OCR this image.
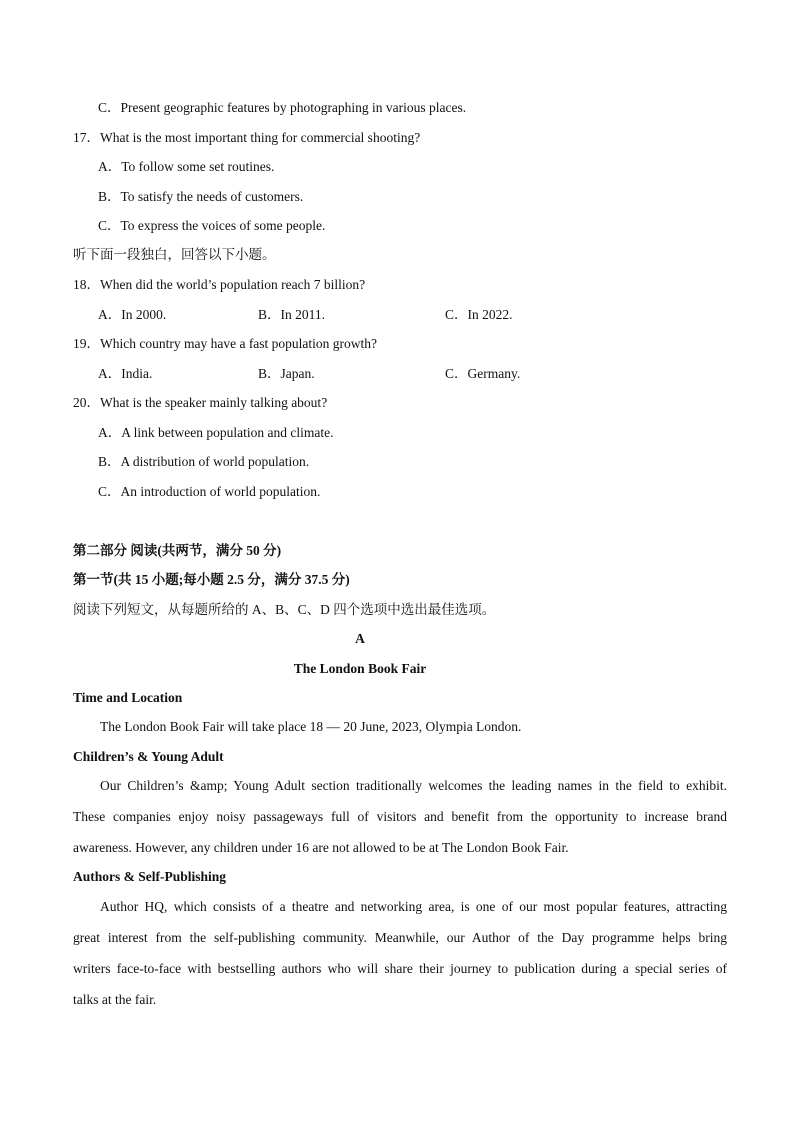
C．Present geographic features by photographing in various places.
17．What is the most important thing for commercial shooting?
A．To follow some set routines.
B．To satisfy the needs of customers.
C．To express the voices of some people.
听下面一段独白，回答以下小题。
18．When did the world’s population reach 7 billion?
A．In 2000.	B．In 2011.	C．In 2022.
19．Which country may have a fast population growth?
A．India.	B．Japan.	C．Germany.
20．What is the speaker mainly talking about?
A．A link between population and climate.
B．A distribution of world population.
C．An introduction of world population.
第二部分 阅读(共两节，满分 50 分)
第一节(共 15 小题;每小题 2.5 分，满分 37.5 分)
阅读下列短文，从每题所给的 A、B、C、D 四个选项中选出最佳选项。
A
The London Book Fair
Time and Location
The London Book Fair will take place 18 — 20 June, 2023, Olympia London.
Children’s & Young Adult
Our Children’s &amp; Young Adult section traditionally welcomes the leading names in the field to exhibit.
These companies enjoy noisy passageways full of visitors and benefit from the opportunity to increase brand
awareness. However, any children under 16 are not allowed to be at The London Book Fair.
Authors & Self-Publishing
Author HQ, which consists of a theatre and networking area, is one of our most popular features, attracting
great interest from the self-publishing community. Meanwhile, our Author of the Day programme helps bring
writers face-to-face with bestselling authors who will share their journey to publication during a special series of
talks at the fair.
